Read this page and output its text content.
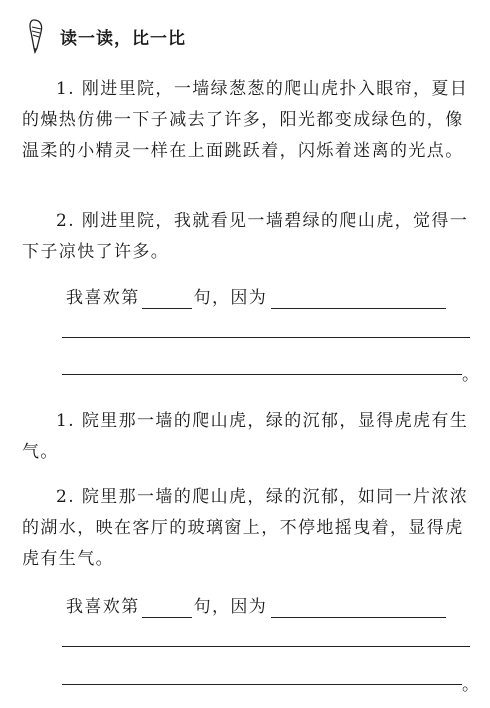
读一读，比一比

1. 刚进里院，一墙绿葱葱的爬山虎扑入眼帘，夏日的燥热仿佛一下子减去了许多，阳光都变成绿色的，像温柔的小精灵一样在上面跳跃着，闪烁着迷离的光点。

2. 刚进里院，我就看见一墙碧绿的爬山虎，觉得一下子凉快了许多。

我喜欢第	句，因为
。

1. 院里那一墙的爬山虎，绿的沉郁，显得虎虎有生气。

2. 院里那一墙的爬山虎，绿的沉郁，如同一片浓浓的湖水，映在客厅的玻璃窗上，不停地摇曳着，显得虎虎有生气。

我喜欢第	句，因为
。
